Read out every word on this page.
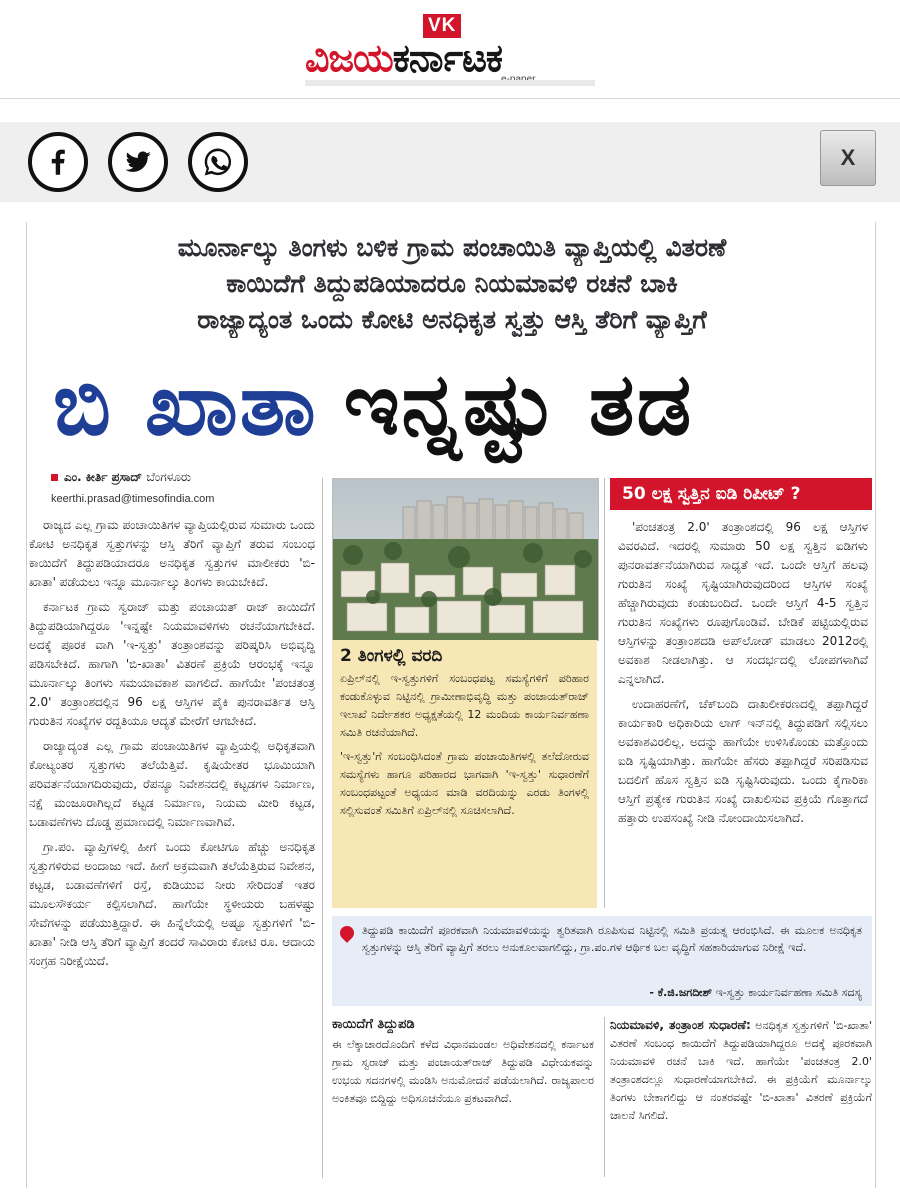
VK
ವಿಜಯಕರ್ನಾಟಕ
X
ಮೂರ್ನಾಲ್ಕು ತಿಂಗಳು ಬಳಿಕ ಗ್ರಾಮ ಪಂಚಾಯಿತಿ ವ್ಯಾಪ್ತಿಯಲ್ಲಿ ವಿತರಣೆ
ಕಾಯಿದೆಗೆ ತಿದ್ದುಪಡಿಯಾದರೂ ನಿಯಮಾವಳಿ ರಚನೆ ಬಾಕಿ
ರಾಜ್ಯಾದ್ಯಂತ ಒಂದು ಕೋಟಿ ಅನಧಿಕೃತ ಸ್ವತ್ತು ಆಸ್ತಿ ತೆರಿಗೆ ವ್ಯಾಪ್ತಿಗೆ
ಬಿ ಖಾತಾ ಇನ್ನಷ್ಟು ತಡ
ಎಂ. ಕೀರ್ತಿ ಪ್ರಸಾದ್ ಬೆಂಗಳೂರು
keerthi.prasad@timesofindia.com

ರಾಜ್ಯದ ಎಲ್ಲ ಗ್ರಾಮ ಪಂಚಾಯಿತಿಗಳ ವ್ಯಾಪ್ತಿಯಲ್ಲಿರುವ ಸುಮಾರು ಒಂದು ಕೋಟಿ ಅನಧಿಕೃತ ಸ್ವತ್ತುಗಳನ್ನು ಆಸ್ತಿ ತೆರಿಗೆ ವ್ಯಾಪ್ತಿಗೆ ತರುವ ಸಂಬಂಧ ಕಾಯಿದೆಗೆ ತಿದ್ದುಪಡಿಯಾದರೂ ಅನಧಿಕೃತ ಸ್ವತ್ತುಗಳ ಮಾಲೀಕರು 'ಬಿ- ಖಾತಾ' ಪಡೆಯಲು ಇನ್ನೂ ಮೂರ್ನಾಲ್ಕು ತಿಂಗಳು ಕಾಯಬೇಕಿದೆ.

ಕರ್ನಾಟಕ ಗ್ರಾಮ ಸ್ವರಾಜ್ ಮತ್ತು ಪಂಚಾಯತ್ ರಾಜ್ ಕಾಯಿದೆಗೆ ತಿದ್ದುಪಡಿಯಾಗಿದ್ದರೂ 'ಇನ್ನಷ್ಟೇ ನಿಯಮಾವಳಿಗಳು ರಚನೆಯಾಗಬೇಕಿದೆ. ಅದಕ್ಕೆ ಪೂರಕ ವಾಗಿ 'ಇ-ಸ್ವತ್ತು' ತಂತ್ರಾಂಶವನ್ನು ಪರಿಷ್ಕರಿಸಿ ಅಭಿವೃದ್ಧಿ ಪಡಿಸಬೇಕಿದೆ. ಹಾಗಾಗಿ 'ಬಿ-ಖಾತಾ' ವಿತರಣೆ ಪ್ರಕ್ರಿಯೆ ಆರಂಭಕ್ಕೆ ಇನ್ನೂ ಮೂರ್ನಾಲ್ಕು ತಿಂಗಳು ಸಮಯಾವಕಾಶ ವಾಗಲಿದೆ. ಹಾಗೆಯೇ 'ಪಂಚತಂತ್ರ 2.0' ತಂತ್ರಾಂಶದಲ್ಲಿನ 96 ಲಕ್ಷ ಆಸ್ತಿಗಳ ಪೈಕಿ ಪುನರಾವರ್ತಿತ ಆಸ್ತಿ ಗುರುತಿನ ಸಂಖ್ಯೆಗಳ ರದ್ದತಿಯೂ ಆದ್ಯತೆ ಮೇರೆಗೆ ಆಗಬೇಕಿದೆ.

ರಾಜ್ಯಾದ್ಯಂತ ಎಲ್ಲ ಗ್ರಾಮ ಪಂಚಾಯಿತಿಗಳ ವ್ಯಾಪ್ತಿಯಲ್ಲಿ ಅಧಿಕೃತವಾಗಿ ಕೋಟ್ಯಂತರ ಸ್ವತ್ತುಗಳು ತಲೆಯೆತ್ತಿವೆ. ಕೃಷಿಯೇತರ ಭೂಮಿಯಾಗಿ ಪರಿವರ್ತನೆಯಾಗದಿರುವುದು, ರೆಪನ್ಯೂ ನಿವೇಶನದಲ್ಲಿ ಕಟ್ಟಡಗಳ ನಿರ್ಮಾಣ, ನಕ್ಷೆ ಮಂಜೂರಾಗಿಲ್ಲದೆ ಕಟ್ಟಡ ನಿರ್ಮಾಣ, ನಿಯಮ ಮೀರಿ ಕಟ್ಟಡ, ಬಡಾವಣೆಗಳು ದೊಡ್ಡ ಪ್ರಮಾಣದಲ್ಲಿ ನಿರ್ಮಾಣವಾಗಿವೆ.

ಗ್ರಾ.ಪಂ. ವ್ಯಾಪ್ತಿಗಳಲ್ಲಿ ಹೀಗೆ ಒಂದು ಕೋಟಿಗೂ ಹೆಚ್ಚು ಅನಧಿಕೃತ ಸ್ವತ್ತುಗಳಿರುವ ಅಂದಾಜು ಇದೆ. ಹೀಗೆ ಅಕ್ರಮವಾಗಿ ತಲೆಯೆತ್ತಿರುವ ನಿವೇಶನ, ಕಟ್ಟಡ, ಬಡಾವಣೆಗಳಿಗೆ ರಸ್ತೆ, ಕುಡಿಯುವ ನೀರು ಸೇರಿದಂತೆ ಇತರ ಮೂಲಸೌಕರ್ಯ ಕಲ್ಪಿಸಲಾಗಿದೆ. ಹಾಗೆಯೇ ಸ್ಥಳೀಯರು ಬಹಳಷ್ಟು ಸೇವೆಗಳನ್ನು ಪಡೆಯುತ್ತಿದ್ದಾರೆ. ಈ ಹಿನ್ನೆಲೆಯಲ್ಲಿ ಅಷ್ಟೂ ಸ್ವತ್ತುಗಳಿಗೆ 'ಬಿ-ಖಾತಾ' ನೀಡಿ ಆಸ್ತಿ ತೆರಿಗೆ ವ್ಯಾಪ್ತಿಗೆ ತಂದರೆ ಸಾವಿರಾರು ಕೋಟಿ ರೂ. ಆದಾಯ ಸಂಗ್ರಹ ನಿರೀಕ್ಷೆಯಿದೆ.

2 ತಿಂಗಳಲ್ಲಿ ವರದಿ

ಏಪ್ರಿಲ್‌ನಲ್ಲಿ ಇ-ಸ್ವತ್ತುಗಳಿಗೆ ಸಂಬಂಧಪಟ್ಟ ಸಮಸ್ಯೆಗಳಿಗೆ ಪರಿಹಾರ ಕಂಡುಕೊಳ್ಳುವ ನಿಟ್ಟಿನಲ್ಲಿ ಗ್ರಾಮೀಣಾಭಿವೃದ್ಧಿ ಮತ್ತು ಪಂಚಾಯತ್‌ರಾಜ್ ಇಲಾಖೆ ನಿರ್ದೇಶಕರ ಅಧ್ಯಕ್ಷತೆಯಲ್ಲಿ 12 ಮಂದಿಯ ಕಾರ್ಯನಿರ್ವಹಣಾ ಸಮಿತಿ ರಚನೆಯಾಗಿದೆ.

'ಇ-ಸ್ವತ್ತು'ಗೆ ಸಂಬಂಧಿಸಿದಂತೆ ಗ್ರಾಮ ಪಂಚಾಯಿತಿಗಳಲ್ಲಿ ತಲೆದೋರುವ ಸಮಸ್ಯೆಗಳು ಹಾಗೂ ಪರಿಹಾರದ ಭಾಗವಾಗಿ 'ಇ-ಸ್ವತ್ತು' ಸುಧಾರಣೆಗೆ ಸಂಬಂಧಪಟ್ಟಂತೆ ಅಧ್ಯಯನ ಮಾಡಿ ವರದಿಯನ್ನು ಎರಡು ತಿಂಗಳಲ್ಲಿ ಸಲ್ಲಿಸುವಂತೆ ಸಮಿತಿಗೆ ಏಪ್ರಿಲ್‌ನಲ್ಲಿ ಸೂಚಿಸಲಾಗಿದೆ.

50 ಲಕ್ಷ ಸ್ವತ್ತಿನ ಐಡಿ ರಿಪೀಟ್ ?

'ಪಂಚತಂತ್ರ 2.0' ತಂತ್ರಾಂಶದಲ್ಲಿ 96 ಲಕ್ಷ ಆಸ್ತಿಗಳ ವಿವರವಿದೆ. ಇದರಲ್ಲಿ ಸುಮಾರು 50 ಲಕ್ಷ ಸ್ವತ್ತಿನ ಐಡಿಗಳು ಪುನರಾವರ್ತನೆಯಾಗಿರುವ ಸಾಧ್ಯತೆ ಇದೆ. ಒಂದೇ ಆಸ್ತಿಗೆ ಹಲವು ಗುರುತಿನ ಸಂಖ್ಯೆ ಸೃಷ್ಟಿಯಾಗಿರುವುದರಿಂದ ಆಸ್ತಿಗಳ ಸಂಖ್ಯೆ ಹೆಚ್ಚಾಗಿರುವುದು ಕಂಡುಬಂದಿದೆ. ಒಂದೇ ಆಸ್ತಿಗೆ 4-5 ಸ್ವತ್ತಿನ ಗುರುತಿನ ಸಂಖ್ಯೆಗಳು ರೂಪುಗೊಂಡಿವೆ. ಬೇಡಿಕೆ ಪಟ್ಟಿಯಲ್ಲಿರುವ ಆಸ್ತಿಗಳನ್ನು ತಂತ್ರಾಂಶದಡಿ ಅಪ್‌ಲೋಡ್ ಮಾಡಲು 2012ರಲ್ಲಿ ಅವಕಾಶ ನೀಡಲಾಗಿತ್ತು. ಆ ಸಂದರ್ಭದಲ್ಲಿ ಲೋಪಗಳಾಗಿವೆ ಎನ್ನಲಾಗಿದೆ.

ಉದಾಹರಣೆಗೆ, ಚೆಕ್‌ಬಂದಿ ದಾಖಲೀಕರಣದಲ್ಲಿ ತಪ್ಪಾಗಿದ್ದರೆ ಕಾರ್ಯಕಾರಿ ಅಧಿಕಾರಿಯ ಲಾಗ್ ಇನ್‌ನಲ್ಲಿ ತಿದ್ದುಪಡಿಗೆ ಸಲ್ಲಿಸಲು ಅವಕಾಶವಿರಲಿಲ್ಲ. ಅದನ್ನು ಹಾಗೆಯೇ ಉಳಿಸಿಕೊಂಡು ಮತ್ತೊಂದು ಐಡಿ ಸೃಷ್ಟಿಯಾಗಿತ್ತು. ಹಾಗೆಯೇ ಹೆಸರು ತಪ್ಪಾಗಿದ್ದರೆ ಸರಿಪಡಿಸುವ ಬದಲಿಗೆ ಹೊಸ ಸ್ವತ್ತಿನ ಐಡಿ ಸೃಷ್ಟಿಸಿರುವುದು. ಒಂದು ಕೈಗಾರಿಕಾ ಆಸ್ತಿಗೆ ಪ್ರತ್ಯೇಕ ಗುರುತಿನ ಸಂಖ್ಯೆ ದಾಖಲಿಸುವ ಪ್ರಕ್ರಿಯೆ ಗೊತ್ತಾಗದೆ ಹತ್ತಾರು ಉಪಸಂಖ್ಯೆ ನೀಡಿ ನೋಂದಾಯಿಸಲಾಗಿದೆ.

ತಿದ್ದುಪಡಿ ಕಾಯಿದೆಗೆ ಪೂರಕವಾಗಿ ನಿಯಮಾವಳಿಯನ್ನು ತ್ವರಿತವಾಗಿ ರೂಪಿಸುವ ನಿಟ್ಟಿನಲ್ಲಿ ಸಮಿತಿ ಪ್ರಯತ್ನ ಆರಂಭಿಸಿದೆ. ಈ ಮೂಲಕ ಅನಧಿಕೃತ ಸ್ವತ್ತುಗಳನ್ನು ಆಸ್ತಿ ತೆರಿಗೆ ವ್ಯಾಪ್ತಿಗೆ ತರಲು ಅನುಕೂಲವಾಗಲಿದ್ದು, ಗ್ರಾ.ಪಂ.ಗಳ ಆರ್ಥಿಕ ಬಲ ವೃದ್ಧಿಗೆ ಸಹಕಾರಿಯಾಗುವ ನಿರೀಕ್ಷೆ ಇದೆ.

- ಕೆ.ಜಿ.ಜಗದೀಶ್ ಇ-ಸ್ವತ್ತು ಕಾರ್ಯನಿರ್ವಹಣಾ ಸಮಿತಿ ಸದಸ್ಯ
ಕಾಯಿದೆಗೆ ತಿದ್ದುಪಡಿ
ಈ ಲೆಕ್ಕಾಚಾರದೊಂದಿಗೆ ಕಳೆದ ವಿಧಾನಮಂಡಲ ಅಧಿವೇಶನದಲ್ಲಿ ಕರ್ನಾಟಕ ಗ್ರಾಮ ಸ್ವರಾಜ್ ಮತ್ತು ಪಂಚಾಯತ್‌ರಾಜ್ ತಿದ್ದುಪಡಿ ವಿಧೇಯಕವನ್ನು ಉಭಯ ಸದನಗಳಲ್ಲಿ ಮಂಡಿಸಿ ಅನುಮೋದನೆ ಪಡೆಯಲಾಗಿದೆ. ರಾಜ್ಯಪಾಲರ ಅಂಕಿತವೂ ಬಿದ್ದಿದ್ದು ಅಧಿಸೂಚನೆಯೂ ಪ್ರಕಟವಾಗಿದೆ.
ನಿಯಮಾವಳಿ, ತಂತ್ರಾಂಶ ಸುಧಾರಣೆ: ಅನಧಿಕೃತ ಸ್ವತ್ತುಗಳಿಗೆ 'ಬಿ-ಖಾತಾ' ವಿತರಣೆ ಸಂಬಂಧ ಕಾಯಿದೆಗೆ ತಿದ್ದುಪಡಿಯಾಗಿದ್ದರೂ ಅದಕ್ಕೆ ಪೂರಕವಾಗಿ ನಿಯಮಾವಳಿ ರಚನೆ ಬಾಕಿ ಇದೆ. ಹಾಗೆಯೇ 'ಪಂಚತಂತ್ರ 2.0' ತಂತ್ರಾಂಶದಲ್ಲೂ ಸುಧಾರಣೆಯಾಗಬೇಕಿದೆ. ಈ ಪ್ರಕ್ರಿಯೆಗೆ ಮೂರ್ನಾಲ್ಕು ತಿಂಗಳು ಬೇಕಾಗಲಿದ್ದು ಆ ನಂತರವಷ್ಟೇ 'ಬಿ-ಖಾತಾ' ವಿತರಣೆ ಪ್ರಕ್ರಿಯೆಗೆ ಚಾಲನೆ ಸಿಗಲಿದೆ.
